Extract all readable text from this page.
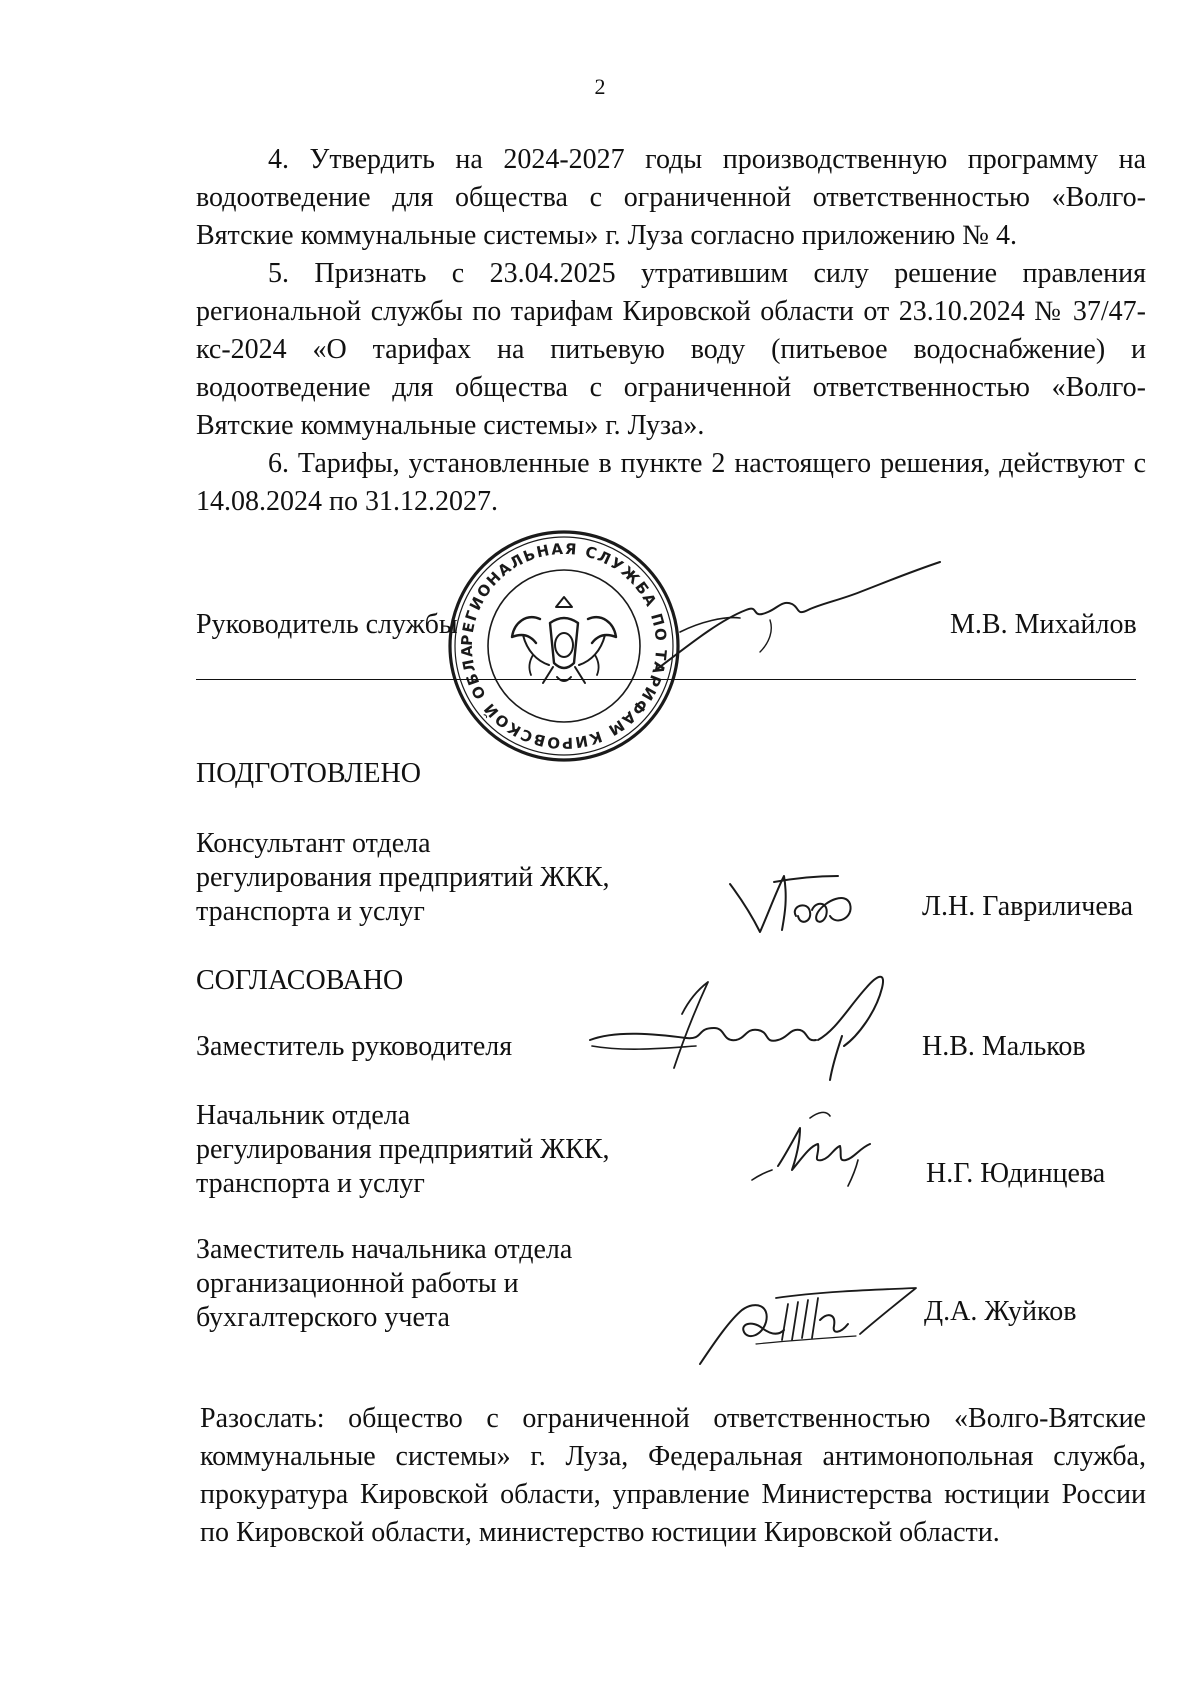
2
4. Утвердить на 2024-2027 годы производственную программу на водоотведение для общества с ограниченной ответственностью «Волго-Вятские коммунальные системы» г. Луза согласно приложению № 4.
5. Признать с 23.04.2025 утратившим силу решение правления региональной службы по тарифам Кировской области от 23.10.2024 № 37/47-кс-2024 «О тарифах на питьевую воду (питьевое водоснабжение) и водоотведение для общества с ограниченной ответственностью «Волго-Вятские коммунальные системы» г. Луза».
6. Тарифы, установленные в пункте 2 настоящего решения, действуют с 14.08.2024 по 31.12.2027.
РЕГИОНАЛЬНАЯ СЛУЖБА ПО ТАРИФАМ КИРОВСКОЙ ОБЛАСТИ
Руководитель службы	М.В. Михайлов
ПОДГОТОВЛЕНО
Консультант отдела
регулирования предприятий ЖКК,
транспорта и услуг	Л.Н. Гавриличева
СОГЛАСОВАНО
Заместитель руководителя	Н.В. Мальков
Начальник отдела
регулирования предприятий ЖКК,
транспорта и услуг	Н.Г. Юдинцева
Заместитель начальника отдела
организационной работы и
бухгалтерского учета	Д.А. Жуйков
Разослать: общество с ограниченной ответственностью «Волго-Вятские коммунальные системы» г. Луза, Федеральная антимонопольная служба, прокуратура Кировской области, управление Министерства юстиции России по Кировской области, министерство юстиции Кировской области.
